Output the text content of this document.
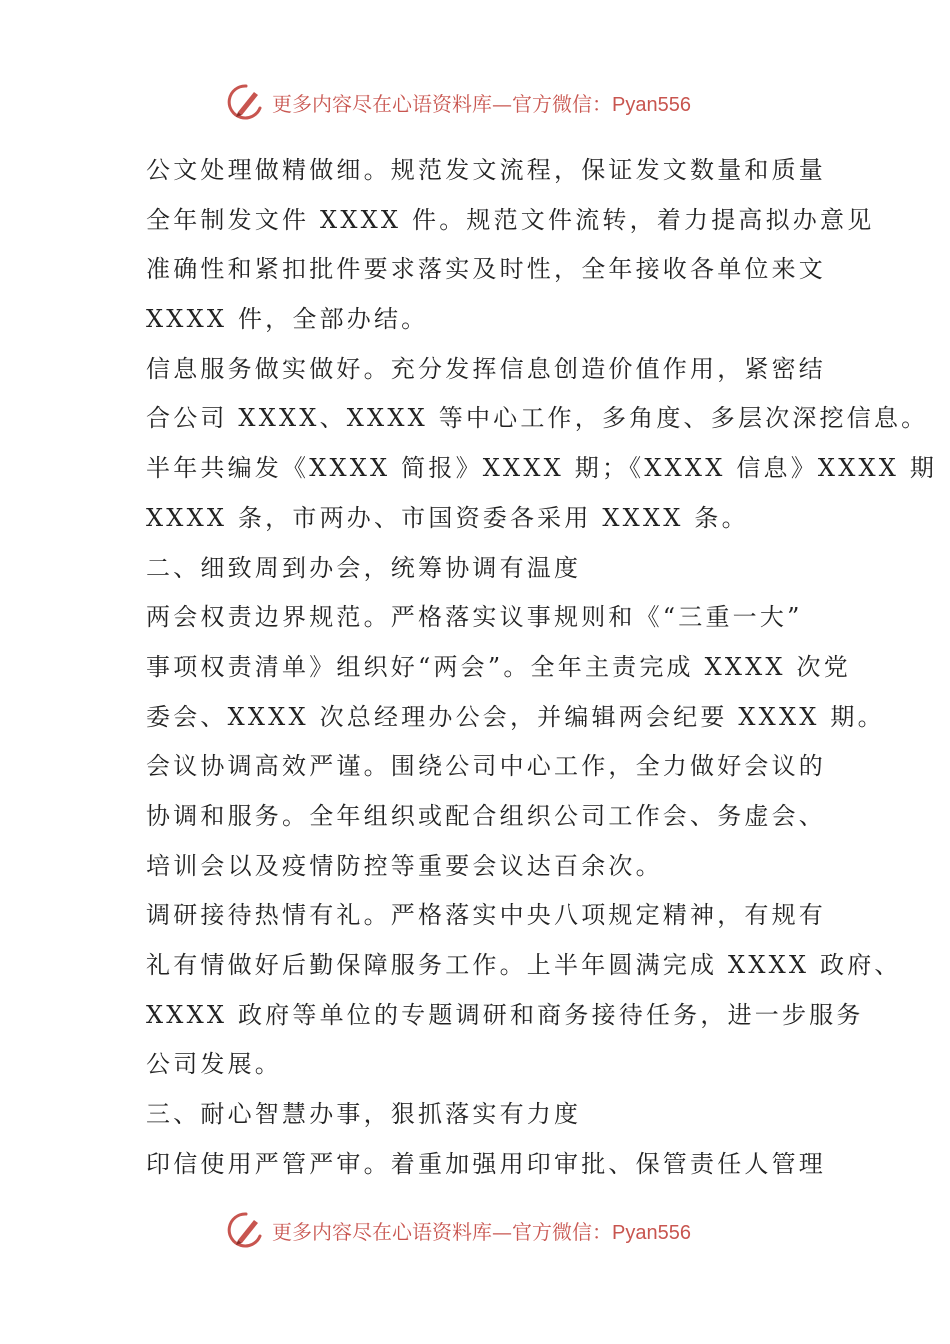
更多内容尽在心语资料库—官方微信：Pyan556
公文处理做精做细。规范发文流程，保证发文数量和质量
全年制发文件 XXXX 件。规范文件流转，着力提高拟办意见
准确性和紧扣批件要求落实及时性，全年接收各单位来文
XXXX 件，全部办结。
信息服务做实做好。充分发挥信息创造价值作用，紧密结
合公司 XXXX、XXXX 等中心工作，多角度、多层次深挖信息。
半年共编发《XXXX 简报》XXXX 期；《XXXX 信息》XXXX 期
XXXX 条，市两办、市国资委各采用 XXXX 条。
二、细致周到办会，统筹协调有温度
两会权责边界规范。严格落实议事规则和《“三重一大”
事项权责清单》组织好“两会”。全年主责完成 XXXX 次党
委会、XXXX 次总经理办公会，并编辑两会纪要 XXXX 期。
会议协调高效严谨。围绕公司中心工作，全力做好会议的
协调和服务。全年组织或配合组织公司工作会、务虚会、
培训会以及疫情防控等重要会议达百余次。
调研接待热情有礼。严格落实中央八项规定精神，有规有
礼有情做好后勤保障服务工作。上半年圆满完成 XXXX 政府、
XXXX 政府等单位的专题调研和商务接待任务，进一步服务
公司发展。
三、耐心智慧办事，狠抓落实有力度
印信使用严管严审。着重加强用印审批、保管责任人管理
更多内容尽在心语资料库—官方微信：Pyan556
